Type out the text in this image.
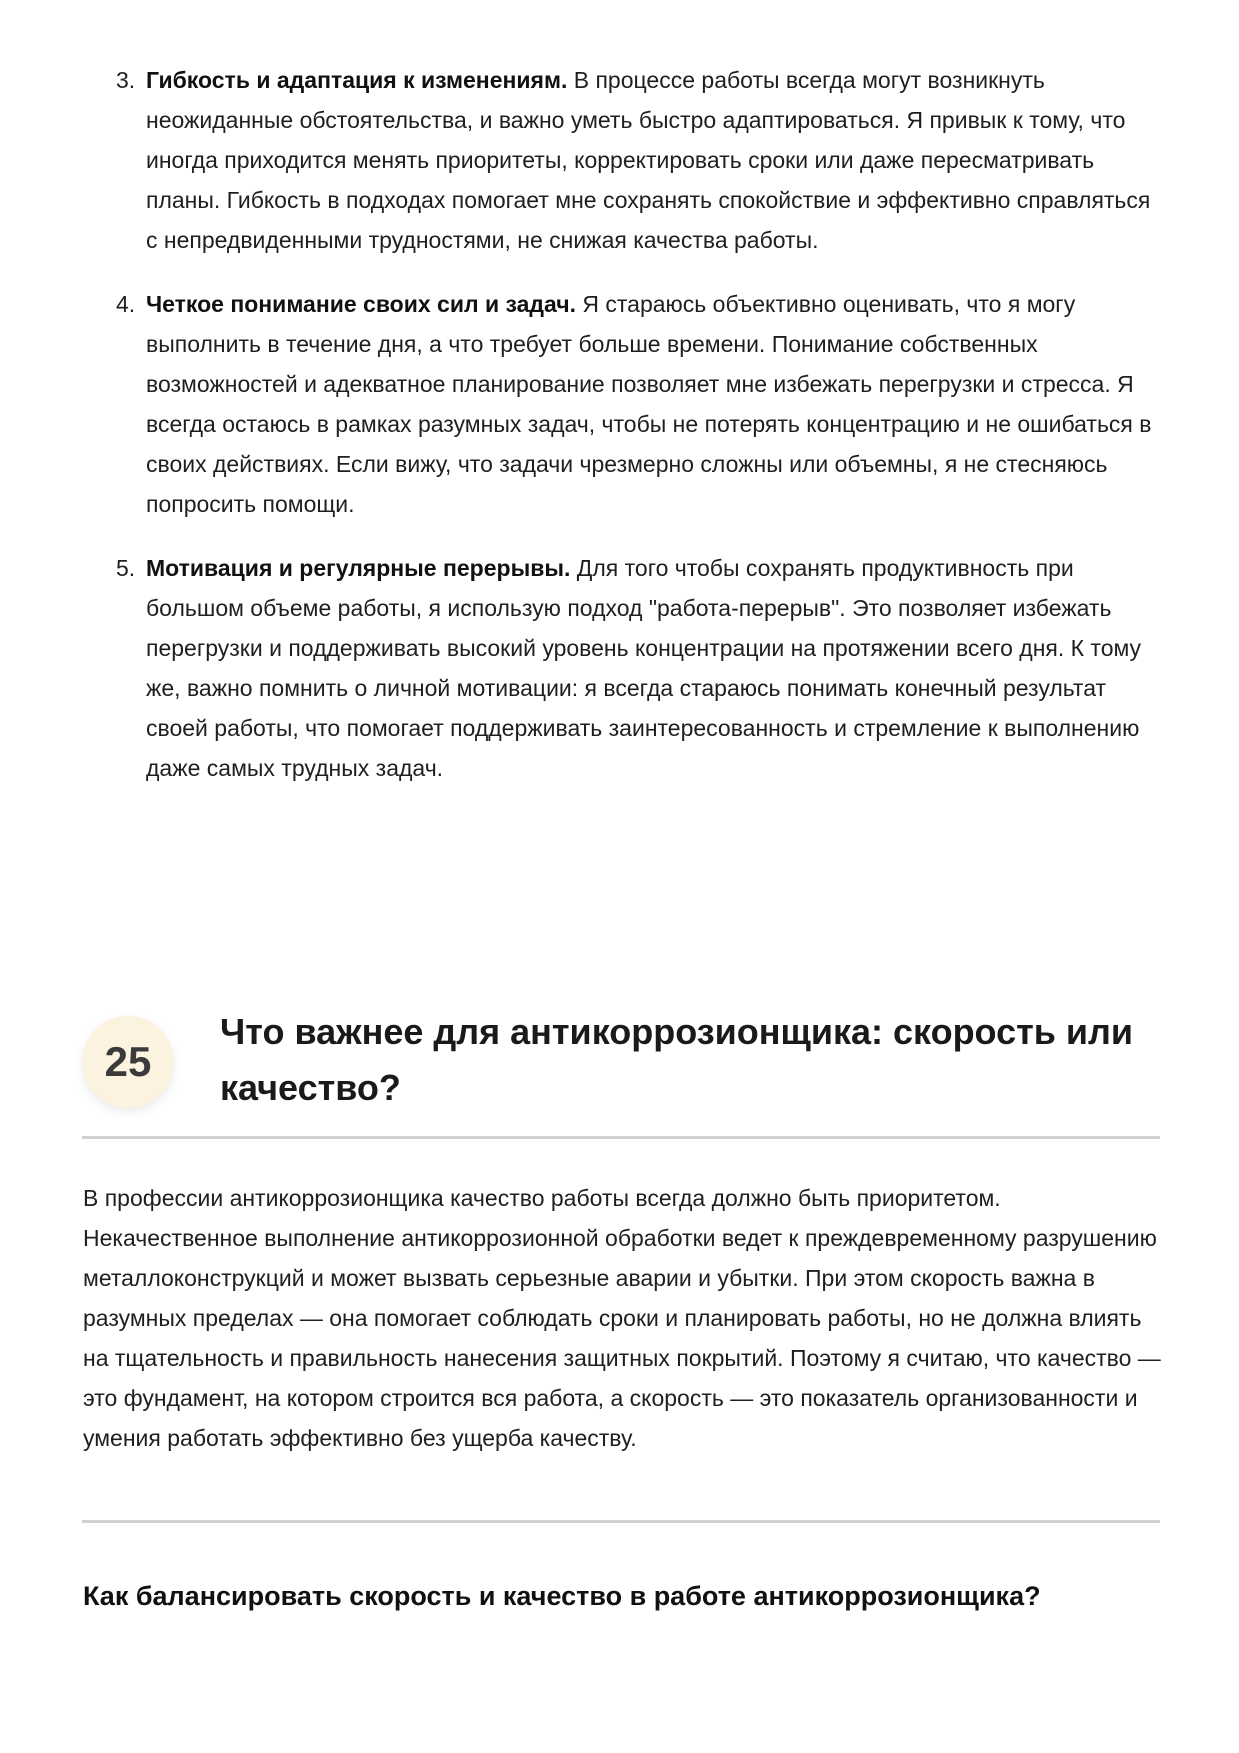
3. Гибкость и адаптация к изменениям. В процессе работы всегда могут возникнуть неожиданные обстоятельства, и важно уметь быстро адаптироваться. Я привык к тому, что иногда приходится менять приоритеты, корректировать сроки или даже пересматривать планы. Гибкость в подходах помогает мне сохранять спокойствие и эффективно справляться с непредвиденными трудностями, не снижая качества работы.
4. Четкое понимание своих сил и задач. Я стараюсь объективно оценивать, что я могу выполнить в течение дня, а что требует больше времени. Понимание собственных возможностей и адекватное планирование позволяет мне избежать перегрузки и стресса. Я всегда остаюсь в рамках разумных задач, чтобы не потерять концентрацию и не ошибаться в своих действиях. Если вижу, что задачи чрезмерно сложны или объемны, я не стесняюсь попросить помощи.
5. Мотивация и регулярные перерывы. Для того чтобы сохранять продуктивность при большом объеме работы, я использую подход "работа-перерыв". Это позволяет избежать перегрузки и поддерживать высокий уровень концентрации на протяжении всего дня. К тому же, важно помнить о личной мотивации: я всегда стараюсь понимать конечный результат своей работы, что помогает поддерживать заинтересованность и стремление к выполнению даже самых трудных задач.
25
Что важнее для антикоррозионщика: скорость или качество?

В профессии антикоррозионщика качество работы всегда должно быть приоритетом. Некачественное выполнение антикоррозионной обработки ведет к преждевременному разрушению металлоконструкций и может вызвать серьезные аварии и убытки. При этом скорость важна в разумных пределах — она помогает соблюдать сроки и планировать работы, но не должна влиять на тщательность и правильность нанесения защитных покрытий. Поэтому я считаю, что качество — это фундамент, на котором строится вся работа, а скорость — это показатель организованности и умения работать эффективно без ущерба качеству.

Как балансировать скорость и качество в работе антикоррозионщика?
